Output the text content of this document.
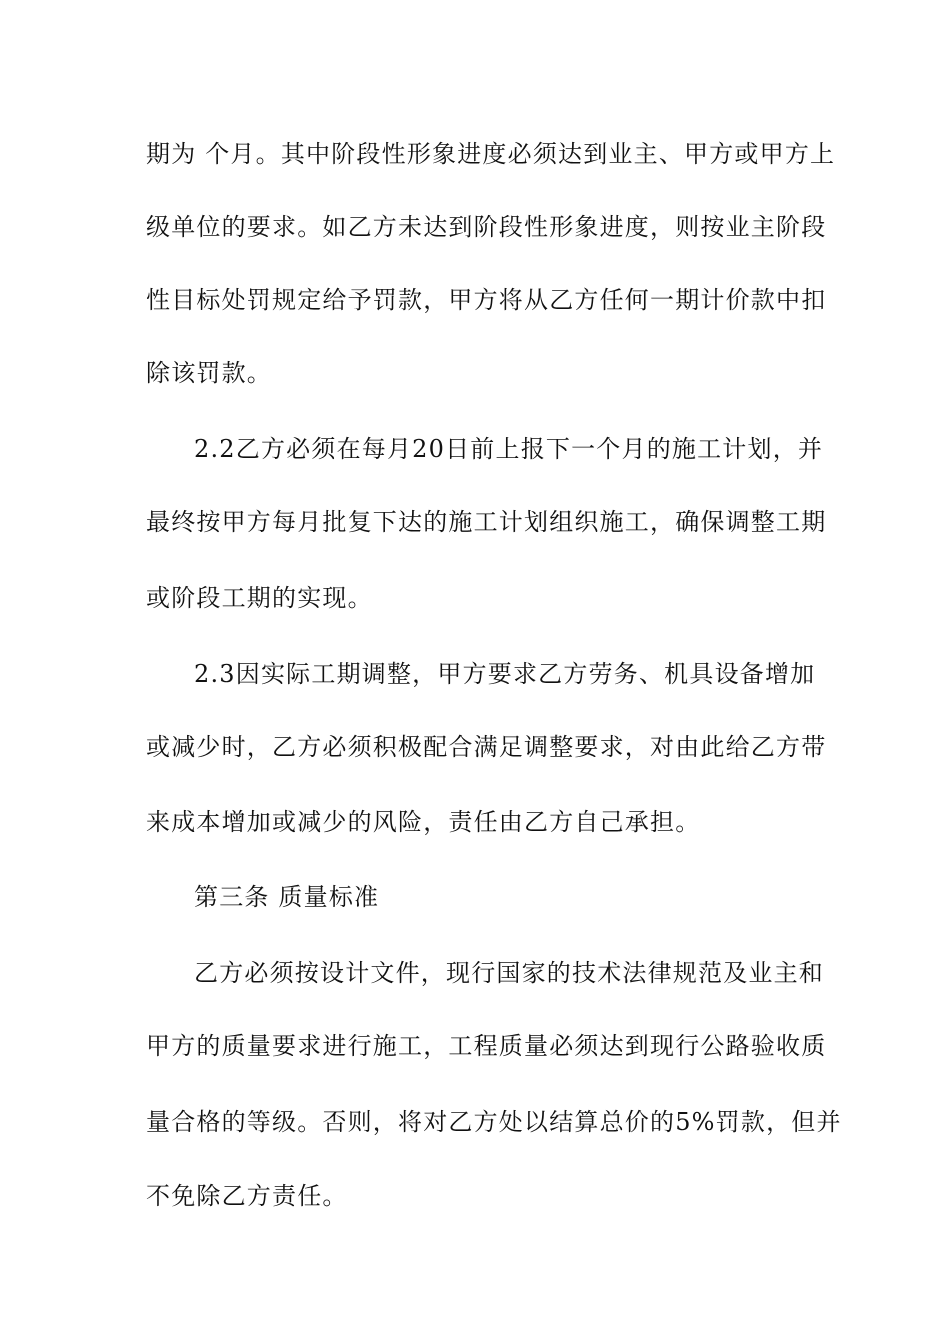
期为 个月。其中阶段性形象进度必须达到业主、甲方或甲方上
级单位的要求。如乙方未达到阶段性形象进度，则按业主阶段
性目标处罚规定给予罚款，甲方将从乙方任何一期计价款中扣
除该罚款。
2.2乙方必须在每月20日前上报下一个月的施工计划，并
最终按甲方每月批复下达的施工计划组织施工，确保调整工期
或阶段工期的实现。
2.3因实际工期调整，甲方要求乙方劳务、机具设备增加
或减少时，乙方必须积极配合满足调整要求，对由此给乙方带
来成本增加或减少的风险，责任由乙方自己承担。
第三条 质量标准
乙方必须按设计文件，现行国家的技术法律规范及业主和
甲方的质量要求进行施工，工程质量必须达到现行公路验收质
量合格的等级。否则，将对乙方处以结算总价的5%罚款，但并
不免除乙方责任。
